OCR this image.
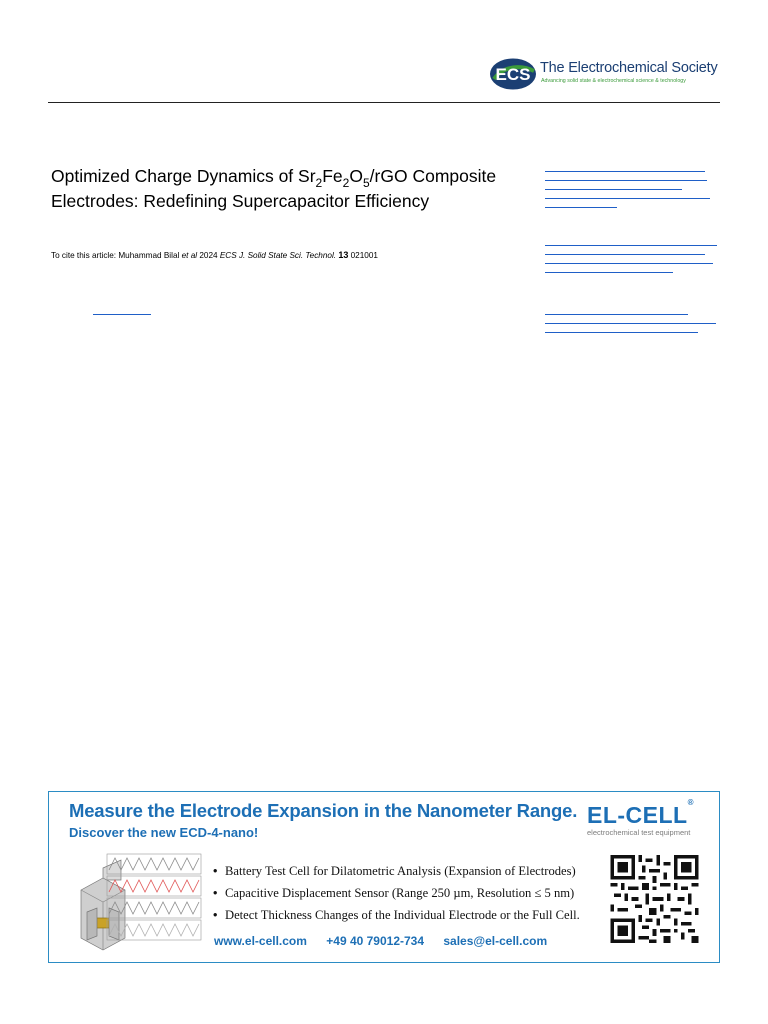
ECS The Electrochemical Society
Advancing solid state & electrochemical science & technology
Optimized Charge Dynamics of $Sr_2Fe_2O_5$/rGO Composite Electrodes: Redefining Supercapacitor Efficiency
To cite this article: Muhammad Bilal et al 2024 ECS J. Solid State Sci. Technol. 13 021001
Measure the Electrode Expansion in the Nanometer Range.
Discover the new ECD-4-nano!
EL-CELL®
electrochemical test equipment
• Battery Test Cell for Dilatometric Analysis (Expansion of Electrodes)
• Capacitive Displacement Sensor (Range 250 µm, Resolution ≤ 5 nm)
• Detect Thickness Changes of the Individual Electrode or the Full Cell.
www.el-cell.com +49 40 79012-734 sales@el-cell.com
